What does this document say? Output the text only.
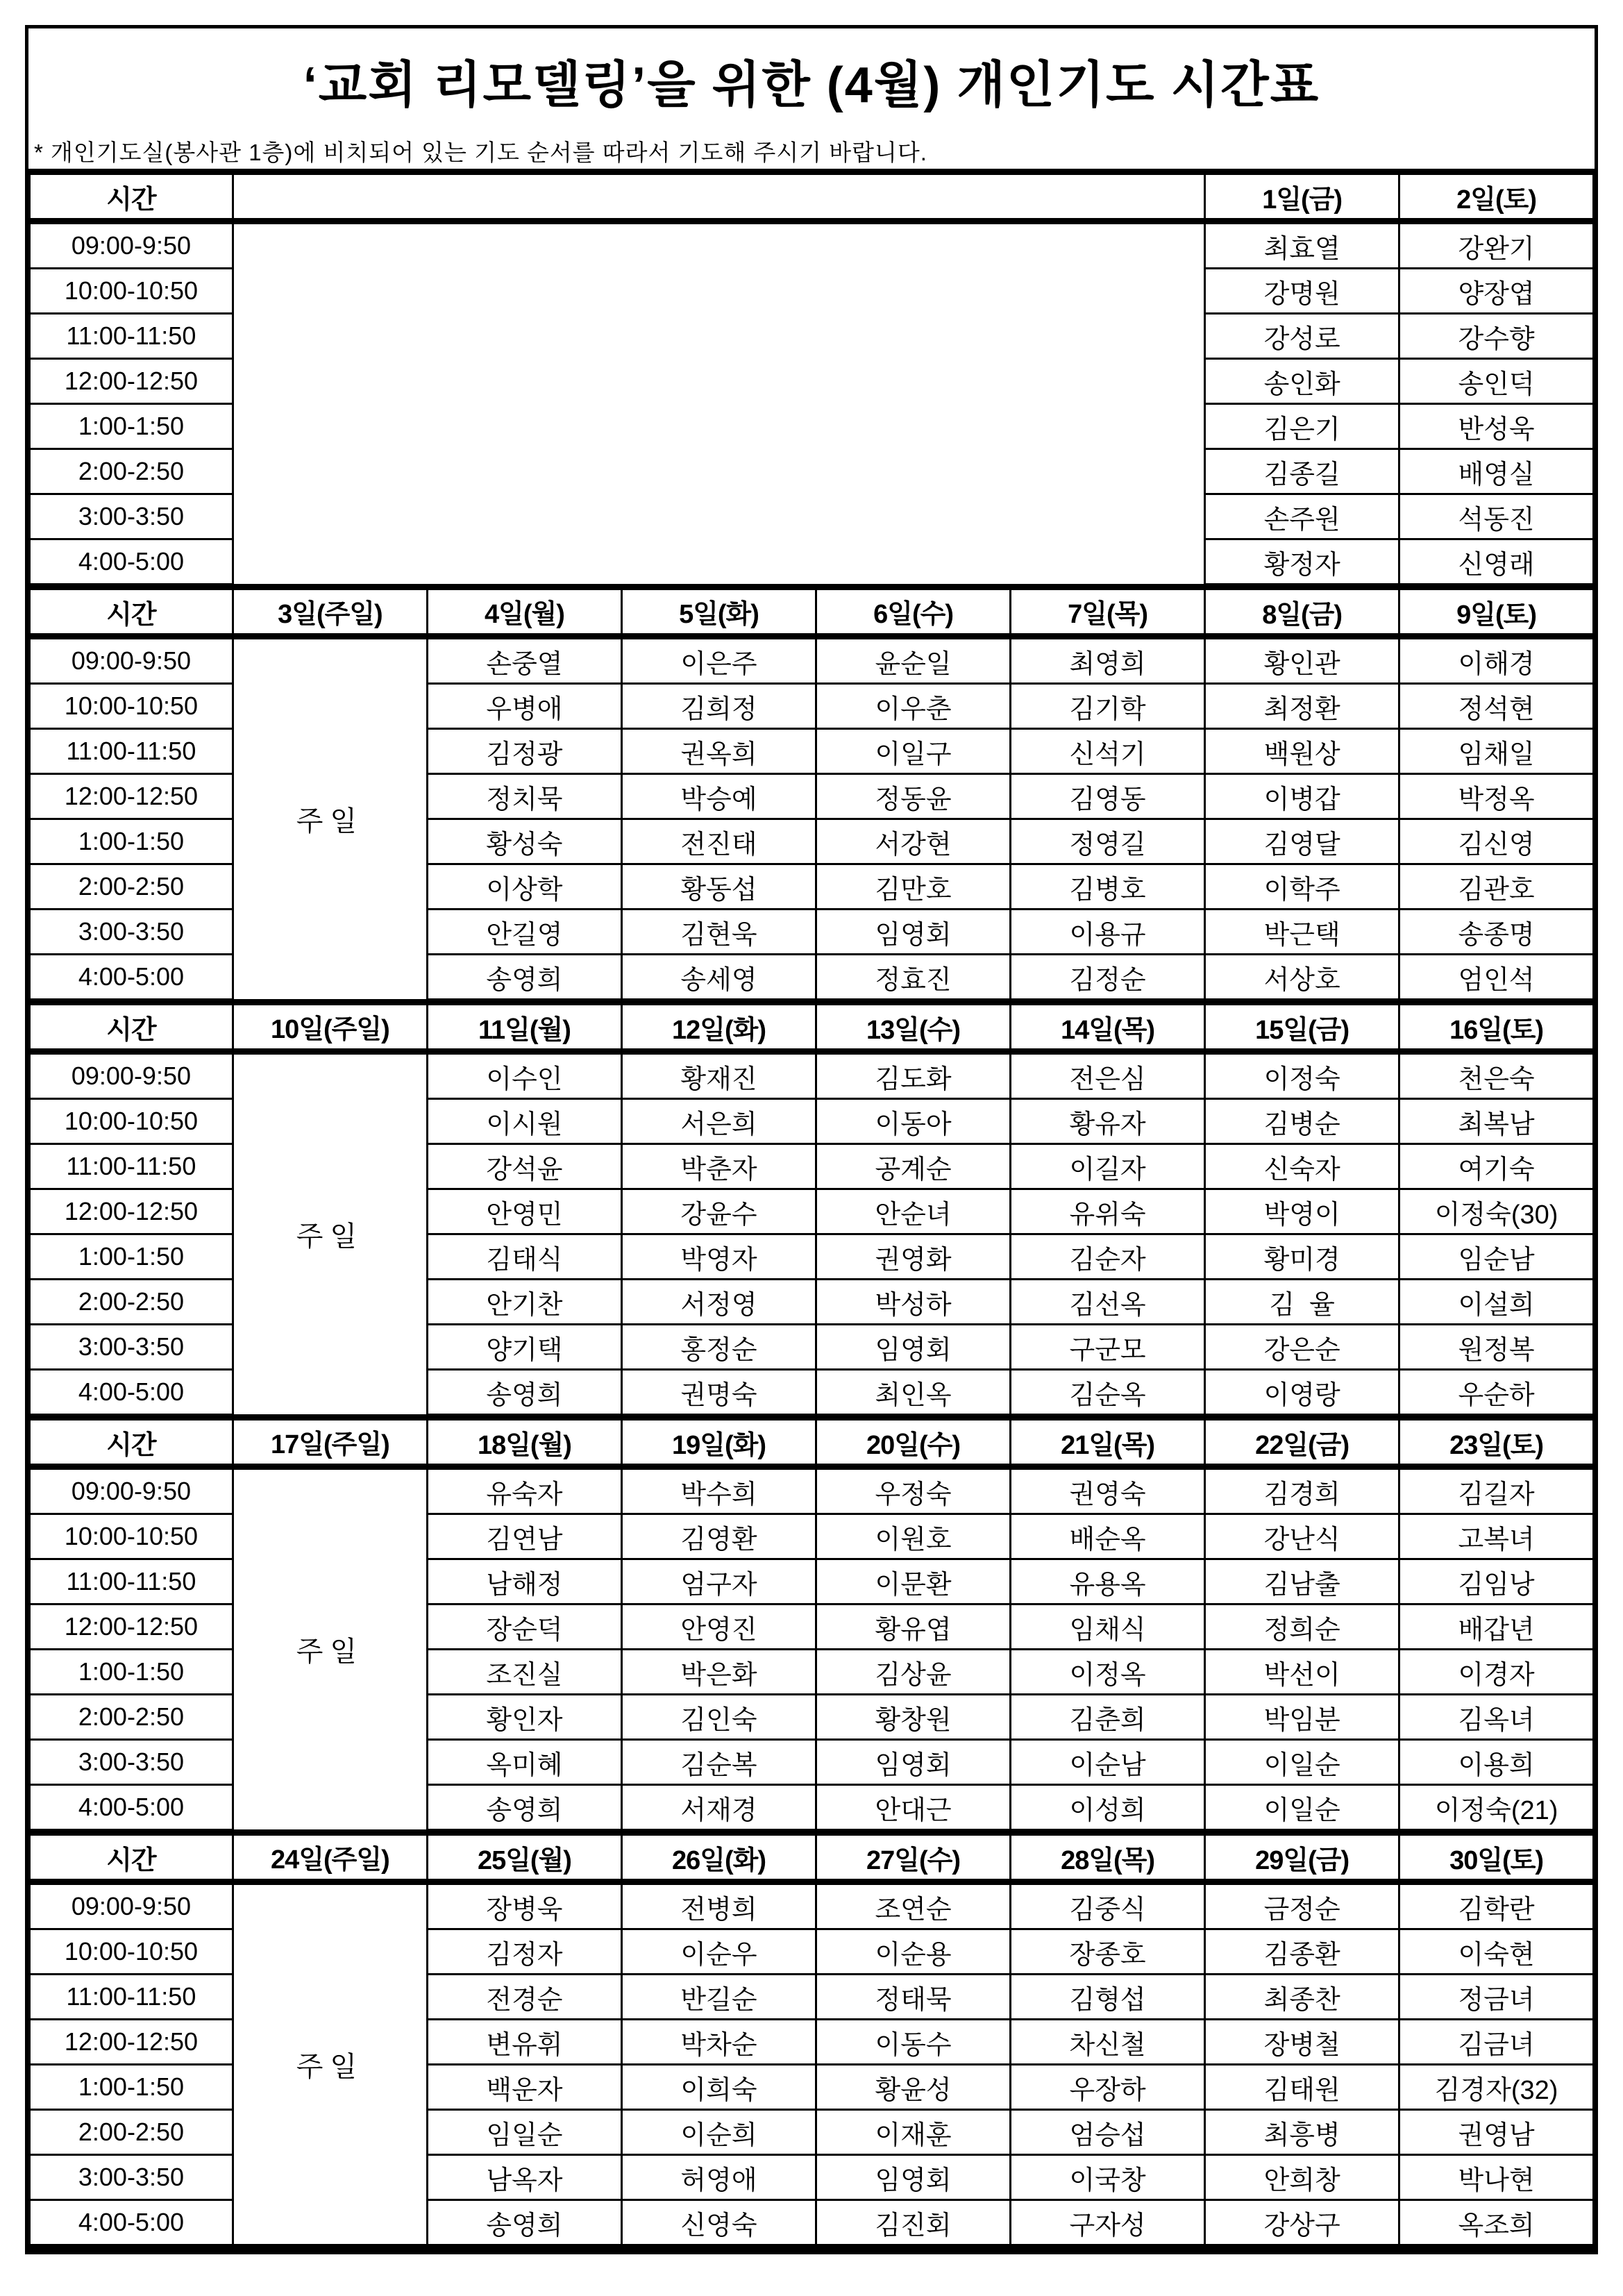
‘교회 리모델링’을 위한 (4월) 개인기도 시간표
* 개인기도실(봉사관 1층)에 비치되어 있는 기도 순서를 따라서 기도해 주시기 바랍니다.
시간						1일(금)	2일(토)
09:00-9:50						최효열	강완기
10:00-10:50						강명원	양장엽
11:00-11:50						강성로	강수향
12:00-12:50						송인화	송인덕
1:00-1:50						김은기	반성욱
2:00-2:50						김종길	배영실
3:00-3:50						손주원	석동진
4:00-5:00						황정자	신영래
시간	3일(주일)	4일(월)	5일(화)	6일(수)	7일(목)	8일(금)	9일(토)
09:00-9:50	주일	손중열	이은주	윤순일	최영희	황인관	이해경
10:00-10:50		우병애	김희정	이우춘	김기학	최정환	정석현
11:00-11:50		김정광	권옥희	이일구	신석기	백원상	임채일
12:00-12:50		정치묵	박승예	정동윤	김영동	이병갑	박정옥
1:00-1:50		황성숙	전진태	서강현	정영길	김영달	김신영
2:00-2:50		이상학	황동섭	김만호	김병호	이학주	김관호
3:00-3:50		안길영	김현욱	임영회	이용규	박근택	송종명
4:00-5:00		송영희	송세영	정효진	김정순	서상호	엄인석
시간	10일(주일)	11일(월)	12일(화)	13일(수)	14일(목)	15일(금)	16일(토)
09:00-9:50	주일	이수인	황재진	김도화	전은심	이정숙	천은숙
10:00-10:50		이시원	서은희	이동아	황유자	김병순	최복남
11:00-11:50		강석윤	박춘자	공계순	이길자	신숙자	여기숙
12:00-12:50		안영민	강윤수	안순녀	유위숙	박영이	이정숙(30)
1:00-1:50		김태식	박영자	권영화	김순자	황미경	임순남
2:00-2:50		안기찬	서정영	박성하	김선옥	김  율	이설희
3:00-3:50		양기택	홍정순	임영회	구군모	강은순	원정복
4:00-5:00		송영희	권명숙	최인옥	김순옥	이영랑	우순하
시간	17일(주일)	18일(월)	19일(화)	20일(수)	21일(목)	22일(금)	23일(토)
09:00-9:50	주일	유숙자	박수희	우정숙	권영숙	김경희	김길자
10:00-10:50		김연남	김영환	이원호	배순옥	강난식	고복녀
11:00-11:50		남해정	엄구자	이문환	유용옥	김남출	김임낭
12:00-12:50		장순덕	안영진	황유엽	임채식	정희순	배갑년
1:00-1:50		조진실	박은화	김상윤	이정옥	박선이	이경자
2:00-2:50		황인자	김인숙	황창원	김춘희	박임분	김옥녀
3:00-3:50		옥미혜	김순복	임영회	이순남	이일순	이용희
4:00-5:00		송영희	서재경	안대근	이성희	이일순	이정숙(21)
시간	24일(주일)	25일(월)	26일(화)	27일(수)	28일(목)	29일(금)	30일(토)
09:00-9:50	주일	장병욱	전병희	조연순	김중식	금정순	김학란
10:00-10:50		김정자	이순우	이순용	장종호	김종환	이숙현
11:00-11:50		전경순	반길순	정태묵	김형섭	최종찬	정금녀
12:00-12:50		변유휘	박차순	이동수	차신철	장병철	김금녀
1:00-1:50		백운자	이희숙	황윤성	우장하	김태원	김경자(32)
2:00-2:50		임일순	이순희	이재훈	엄승섭	최흥병	권영남
3:00-3:50		남옥자	허영애	임영회	이국창	안희창	박나현
4:00-5:00		송영희	신영숙	김진회	구자성	강상구	옥조희
